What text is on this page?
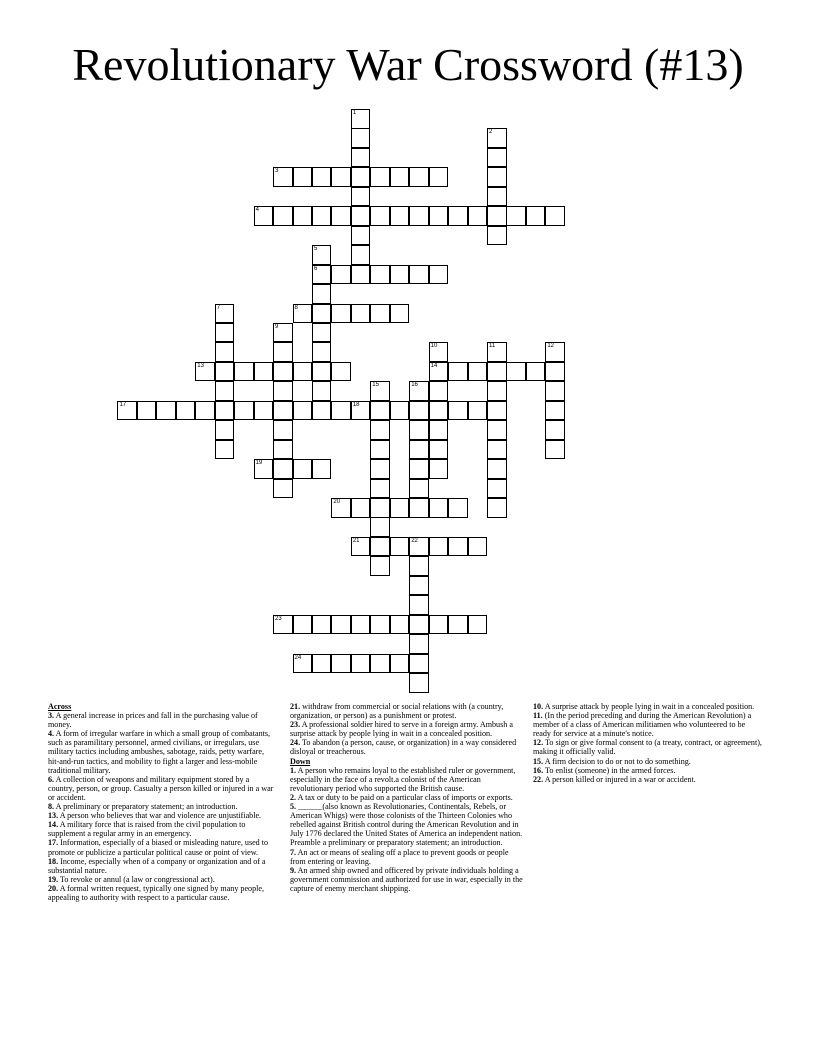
Revolutionary War Crossword (#13)
1
2
3
4
5
6
7	8
9
10
14
11	12
13
15	16
17	18
19
20
21	22
23
24

Across

3. A general increase in prices and fall in the purchasing value of money.

4. A form of irregular warfare in which a small group of combatants, such as paramilitary personnel, armed civilians, or irregulars, use military tactics including ambushes, sabotage, raids, petty warfare, hit-and-run tactics, and mobility to fight a larger and less-mobile traditional military.

6. A collection of weapons and military equipment stored by a country, person, or group. Casualty a person killed or injured in a war or accident.

8. A preliminary or preparatory statement; an introduction.

13. A person who believes that war and violence are unjustifiable.

14. A military force that is raised from the civil population to supplement a regular army in an emergency.

17. Information, especially of a biased or misleading nature, used to promote or publicize a particular political cause or point of view.

18. Income, especially when of a company or organization and of a substantial nature.

19. To revoke or annul (a law or congressional act).

20. A formal written request, typically one signed by many people, appealing to authority with respect to a particular cause.

21. withdraw from commercial or social relations with (a country, organization, or person) as a punishment or protest.

23. A professional soldier hired to serve in a foreign army. Ambush a surprise attack by people lying in wait in a concealed position.

24. To abandon (a person, cause, or organization) in a way considered disloyal or treacherous.

Down

1. A person who remains loyal to the established ruler or government, especially in the face of a revolt.a colonist of the American revolutionary period who supported the British cause.

2. A tax or duty to be paid on a particular class of imports or exports.

5. ______(also known as Revolutionaries, Continentals, Rebels, or American Whigs) were those colonists of the Thirteen Colonies who rebelled against British control during the American Revolution and in July 1776 declared the United States of America an independent nation. Preamble a preliminary or preparatory statement; an introduction.

7. An act or means of sealing off a place to prevent goods or people from entering or leaving.

9. An armed ship owned and officered by private individuals holding a government commission and authorized for use in war, especially in the capture of enemy merchant shipping.

10. A surprise attack by people lying in wait in a concealed position.

11. (In the period preceding and during the American Revolution) a member of a class of American militiamen who volunteered to be ready for service at a minute's notice.

12. To sign or give formal consent to (a treaty, contract, or agreement), making it officially valid.

15. A firm decision to do or not to do something.

16. To enlist (someone) in the armed forces.

22. A person killed or injured in a war or accident.
